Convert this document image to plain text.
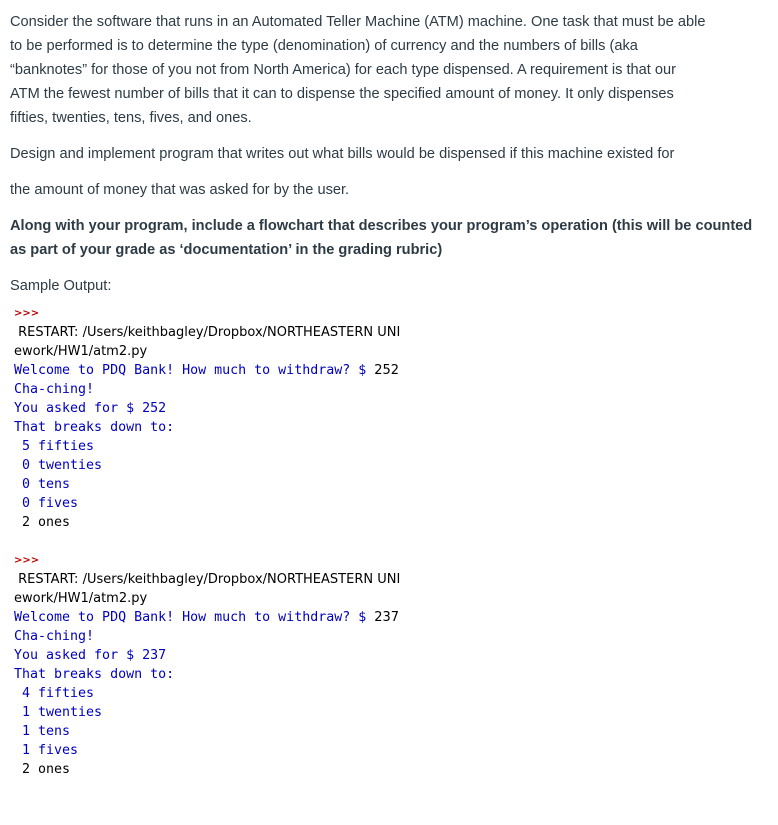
Consider the software that runs in an Automated Teller Machine (ATM) machine. One task that must be able
to be performed is to determine the type (denomination) of currency and the numbers of bills (aka
“banknotes” for those of you not from North America) for each type dispensed. A requirement is that our
ATM the fewest number of bills that it can to dispense the specified amount of money. It only dispenses
fifties, twenties, tens, fives, and ones.
Design and implement program that writes out what bills would be dispensed if this machine existed for
the amount of money that was asked for by the user.
Along with your program, include a flowchart that describes your program’s operation (this will be counted
as part of your grade as ‘documentation’ in the grading rubric)
Sample Output:
>>>
RESTART: /Users/keithbagley/Dropbox/NORTHEASTERN UNI
ework/HW1/atm2.py
Welcome to PDQ Bank! How much to withdraw? $ 252
Cha-ching!
You asked for $ 252
That breaks down to:
5 fifties
0 twenties
0 tens
0 fives
2 ones
>>>
RESTART: /Users/keithbagley/Dropbox/NORTHEASTERN UNI
ework/HW1/atm2.py
Welcome to PDQ Bank! How much to withdraw? $ 237
Cha-ching!
You asked for $ 237
That breaks down to:
4 fifties
1 twenties
1 tens
1 fives
2 ones
